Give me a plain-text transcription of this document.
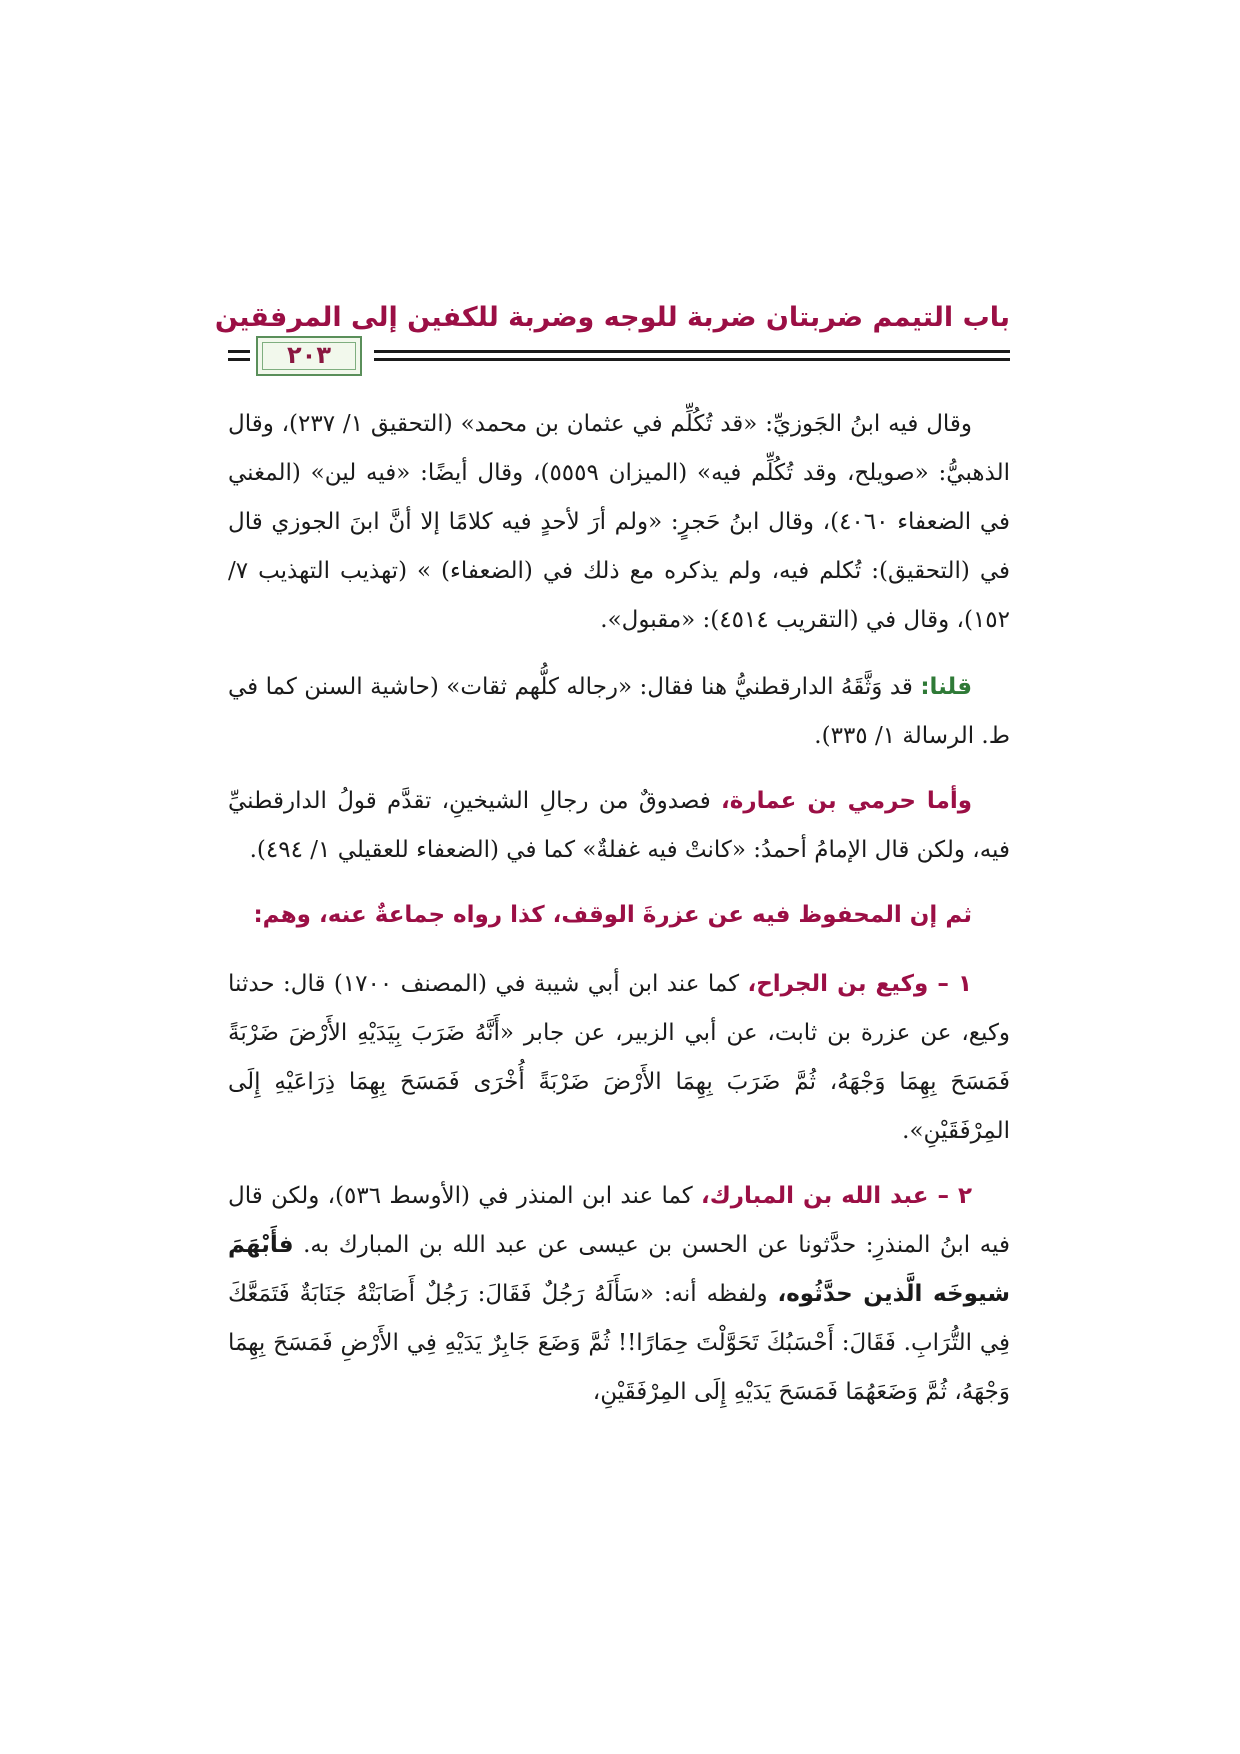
باب التيمم ضربتان ضربة للوجه وضربة للكفين إلى المرفقين
٢٠٣

وقال فيه ابنُ الجَوزيِّ: «قد تُكُلِّم في عثمان بن محمد» (التحقيق ١/ ٢٣٧)، وقال الذهبيُّ: «صويلح، وقد تُكُلِّم فيه» (الميزان ٥٥٥٩)، وقال أيضًا: «فيه لين» (المغني في الضعفاء ٤٠٦٠)، وقال ابنُ حَجرٍ: «ولم أرَ لأحدٍ فيه كلامًا إلا أنَّ ابنَ الجوزي قال في (التحقيق): تُكلم فيه، ولم يذكره مع ذلك في (الضعفاء) » (تهذيب التهذيب ٧/ ١٥٢)، وقال في (التقريب ٤٥١٤): «مقبول».

قلنا: قد وَثَّقَهُ الدارقطنيُّ هنا فقال: «رجاله كلُّهم ثقات» (حاشية السنن كما في ط. الرسالة ١/ ٣٣٥).

وأما حرمي بن عمارة، فصدوقٌ من رجالِ الشيخينِ، تقدَّم قولُ الدارقطنيِّ فيه، ولكن قال الإمامُ أحمدُ: «كانتْ فيه غفلةٌ» كما في (الضعفاء للعقيلي ١/ ٤٩٤).

ثم إن المحفوظ فيه عن عزرةَ الوقف، كذا رواه جماعةٌ عنه، وهم:

١ – وكيع بن الجراح، كما عند ابن أبي شيبة في (المصنف ١٧٠٠) قال: حدثنا وكيع، عن عزرة بن ثابت، عن أبي الزبير، عن جابر «أَنَّهُ ضَرَبَ بِيَدَيْهِ الأَرْضَ ضَرْبَةً فَمَسَحَ بِهِمَا وَجْهَهُ، ثُمَّ ضَرَبَ بِهِمَا الأَرْضَ ضَرْبَةً أُخْرَى فَمَسَحَ بِهِمَا ذِرَاعَيْهِ إِلَى المِرْفَقَيْنِ».

٢ – عبد الله بن المبارك، كما عند ابن المنذر في (الأوسط ٥٣٦)، ولكن قال فيه ابنُ المنذرِ: حدَّثونا عن الحسن بن عيسى عن عبد الله بن المبارك به. فأَبْهَمَ شيوخَه الَّذين حدَّثُوه، ولفظه أنه: «سَأَلَهُ رَجُلٌ فَقَالَ: رَجُلٌ أَصَابَتْهُ جَنَابَةٌ فَتَمَعَّكَ فِي التُّرَابِ. فَقَالَ: أَحْسَبُكَ تَحَوَّلْتَ حِمَارًا!! ثُمَّ وَضَعَ جَابِرٌ يَدَيْهِ فِي الأَرْضِ فَمَسَحَ بِهِمَا وَجْهَهُ، ثُمَّ وَضَعَهُمَا فَمَسَحَ يَدَيْهِ إِلَى المِرْفَقَيْنِ،
